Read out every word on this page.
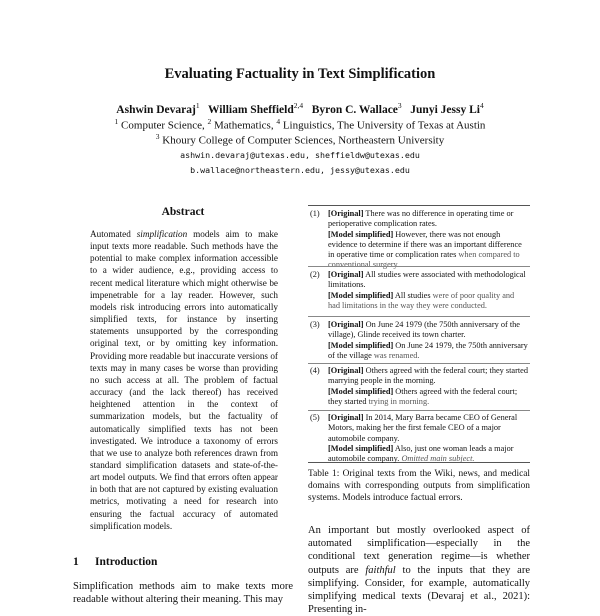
Evaluating Factuality in Text Simplification
Ashwin Devaraj$^1$ William Sheffield$^{2,4}$ Byron C. Wallace$^3$ Junyi Jessy Li$^4$
$^1$ Computer Science, $^2$ Mathematics, $^4$ Linguistics, The University of Texas at Austin
$^3$ Khoury College of Computer Sciences, Northeastern University
ashwin.devaraj@utexas.edu, sheffieldw@utexas.edu
b.wallace@northeastern.edu, jessy@utexas.edu
Abstract
Automated simplification models aim to make input texts more readable. Such methods have the potential to make complex information accessible to a wider audience, e.g., providing access to recent medical literature which might otherwise be impenetrable for a lay reader. However, such models risk introducing errors into automatically simplified texts, for instance by inserting statements unsupported by the corresponding original text, or by omitting key information. Providing more readable but inaccurate versions of texts may in many cases be worse than providing no such access at all. The problem of factual accuracy (and the lack thereof) has received heightened attention in the context of summarization models, but the factuality of automatically simplified texts has not been investigated. We introduce a taxonomy of errors that we use to analyze both references drawn from standard simplification datasets and state-of-the-art model outputs. We find that errors often appear in both that are not captured by existing evaluation metrics, motivating a need for research into ensuring the factual accuracy of automated simplification models.
1 Introduction
Simplification methods aim to make texts more readable without altering their meaning. This may
(1) [Original] There was no difference in operating time or perioperative complication rates.
[Model simplified] However, there was not enough evidence to determine if there was an important difference in operative time or complication rates when compared to conventional surgery.
(2) [Original] All studies were associated with methodological limitations.
[Model simplified] All studies were of poor quality and had limitations in the way they were conducted.
(3) [Original] On June 24 1979 (the 750th anniversary of the village), Glinde received its town charter.
[Model simplified] On June 24 1979, the 750th anniversary of the village was renamed.
(4) [Original] Others agreed with the federal court; they started marrying people in the morning.
[Model simplified] Others agreed with the federal court; they started trying in morning.
(5) [Original] In 2014, Mary Barra became CEO of General Motors, making her the first female CEO of a major automobile company.
[Model simplified] Also, just one woman leads a major automobile company. Omitted main subject.
Table 1: Original texts from the Wiki, news, and medical domains with corresponding outputs from simplification systems. Models introduce factual errors.
An important but mostly overlooked aspect of automated simplification—especially in the conditional text generation regime—is whether outputs are faithful to the inputs that they are simplifying. Consider, for example, automatically simplifying medical texts (Devaraj et al., 2021): Presenting in-
